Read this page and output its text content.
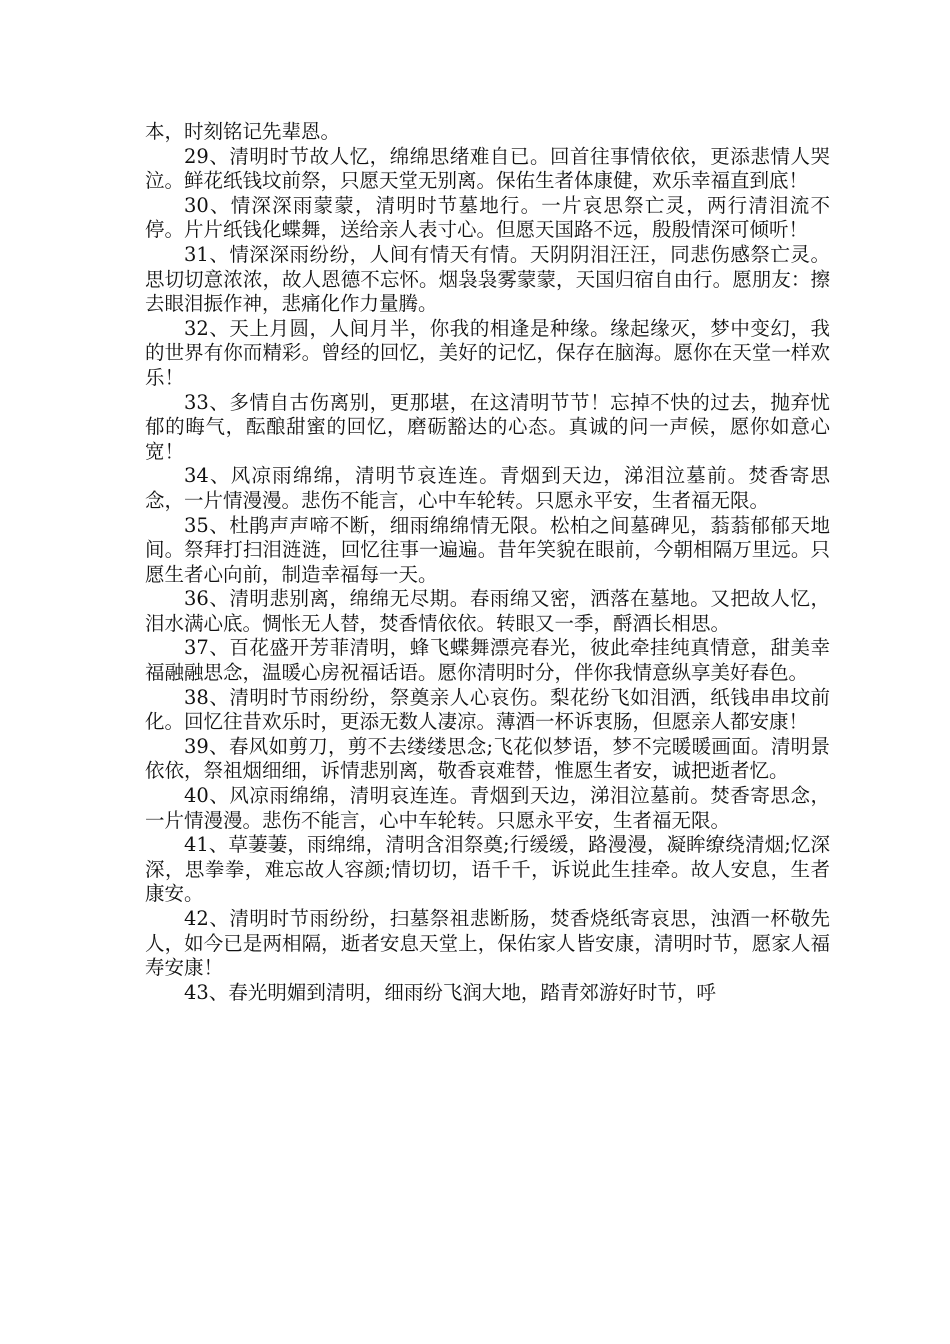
本，时刻铭记先辈恩。

29、清明时节故人忆，绵绵思绪难自已。回首往事情依依，更添悲情人哭泣。鲜花纸钱坟前祭，只愿天堂无别离。保佑生者体康健，欢乐幸福直到底！

30、情深深雨蒙蒙，清明时节墓地行。一片哀思祭亡灵，两行清泪流不停。片片纸钱化蝶舞，送给亲人表寸心。但愿天国路不远，殷殷情深可倾听！

31、情深深雨纷纷，人间有情天有情。天阴阴泪汪汪，同悲伤感祭亡灵。思切切意浓浓，故人恩德不忘怀。烟袅袅雾蒙蒙，天国归宿自由行。愿朋友：擦去眼泪振作神，悲痛化作力量腾。

32、天上月圆，人间月半，你我的相逢是种缘。缘起缘灭，梦中变幻，我的世界有你而精彩。曾经的回忆，美好的记忆，保存在脑海。愿你在天堂一样欢乐！

33、多情自古伤离别，更那堪，在这清明节节！忘掉不快的过去，抛弃忧郁的晦气，酝酿甜蜜的回忆，磨砺豁达的心态。真诚的问一声候，愿你如意心宽！

34、风凉雨绵绵，清明节哀连连。青烟到天边，涕泪泣墓前。焚香寄思念，一片情漫漫。悲伤不能言，心中车轮转。只愿永平安，生者福无限。

35、杜鹃声声啼不断，细雨绵绵情无限。松柏之间墓碑见，蓊蓊郁郁天地间。祭拜打扫泪涟涟，回忆往事一遍遍。昔年笑貌在眼前，今朝相隔万里远。只愿生者心向前，制造幸福每一天。

36、清明悲别离，绵绵无尽期。春雨绵又密，洒落在墓地。又把故人忆，泪水满心底。惆怅无人替，焚香情依依。转眼又一季，酹酒长相思。

37、百花盛开芳菲清明，蜂飞蝶舞漂亮春光，彼此牵挂纯真情意，甜美幸福融融思念，温暖心房祝福话语。愿你清明时分，伴你我情意纵享美好春色。

38、清明时节雨纷纷，祭奠亲人心哀伤。梨花纷飞如泪洒，纸钱串串坟前化。回忆往昔欢乐时，更添无数人凄凉。薄酒一杯诉衷肠，但愿亲人都安康！

39、春风如剪刀，剪不去缕缕思念;飞花似梦语，梦不完暖暖画面。清明景依依，祭祖烟细细，诉情悲别离，敬香哀难替，惟愿生者安，诚把逝者忆。

40、风凉雨绵绵，清明哀连连。青烟到天边，涕泪泣墓前。焚香寄思念，一片情漫漫。悲伤不能言，心中车轮转。只愿永平安，生者福无限。

41、草萋萋，雨绵绵，清明含泪祭奠;行缓缓，路漫漫，凝眸缭绕清烟;忆深深，思拳拳，难忘故人容颜;情切切，语千千，诉说此生挂牵。故人安息，生者康安。

42、清明时节雨纷纷，扫墓祭祖悲断肠，焚香烧纸寄哀思，浊酒一杯敬先人，如今已是两相隔，逝者安息天堂上，保佑家人皆安康，清明时节，愿家人福寿安康！

43、春光明媚到清明，细雨纷飞润大地，踏青郊游好时节，呼
